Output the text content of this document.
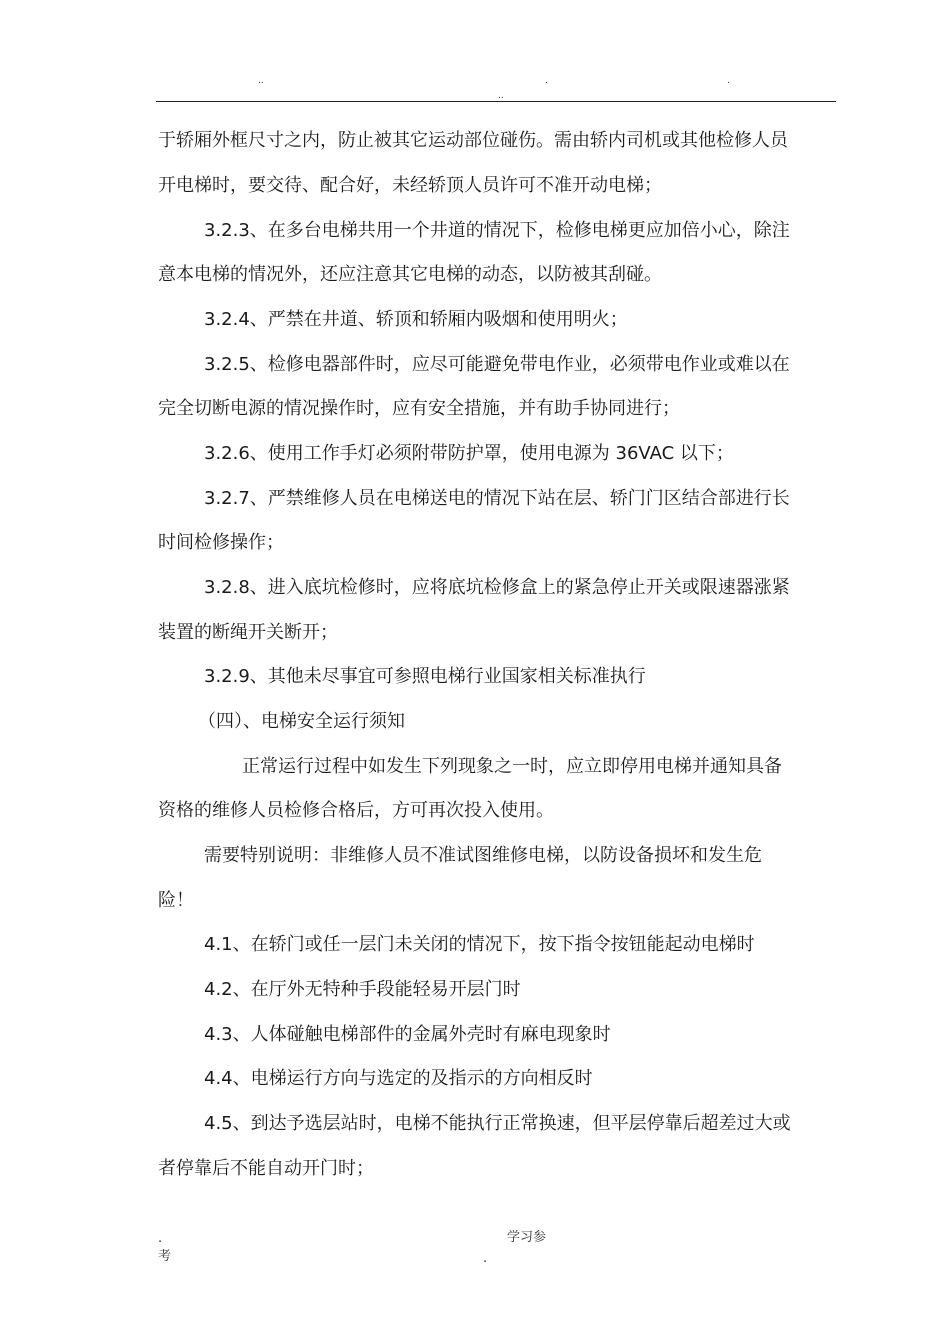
..	.	.
..
于轿厢外框尺寸之内，防止被其它运动部位碰伤。需由轿内司机或其他检修人员
开电梯时，要交待、配合好，未经轿顶人员许可不准开动电梯；
3.2.3、在多台电梯共用一个井道的情况下，检修电梯更应加倍小心，除注
意本电梯的情况外，还应注意其它电梯的动态，以防被其刮碰。
3.2.4、严禁在井道、轿顶和轿厢内吸烟和使用明火；
3.2.5、检修电器部件时，应尽可能避免带电作业，必须带电作业或难以在
完全切断电源的情况操作时，应有安全措施，并有助手协同进行；
3.2.6、使用工作手灯必须附带防护罩，使用电源为 36VAC 以下；
3.2.7、严禁维修人员在电梯送电的情况下站在层、轿门门区结合部进行长
时间检修操作；
3.2.8、进入底坑检修时，应将底坑检修盒上的紧急停止开关或限速器涨紧
装置的断绳开关断开；
3.2.9、其他未尽事宜可参照电梯行业国家相关标准执行
（四）、电梯安全运行须知
正常运行过程中如发生下列现象之一时，应立即停用电梯并通知具备
资格的维修人员检修合格后，方可再次投入使用。
需要特别说明：非维修人员不准试图维修电梯，以防设备损坏和发生危
险！
4.1、在轿门或任一层门未关闭的情况下，按下指令按钮能起动电梯时
4.2、在厅外无特种手段能轻易开层门时
4.3、人体碰触电梯部件的金属外壳时有麻电现象时
4.4、电梯运行方向与选定的及指示的方向相反时
4.5、到达予选层站时，电梯不能执行正常换速，但平层停靠后超差过大或
者停靠后不能自动开门时；
.
考
学习参
.
